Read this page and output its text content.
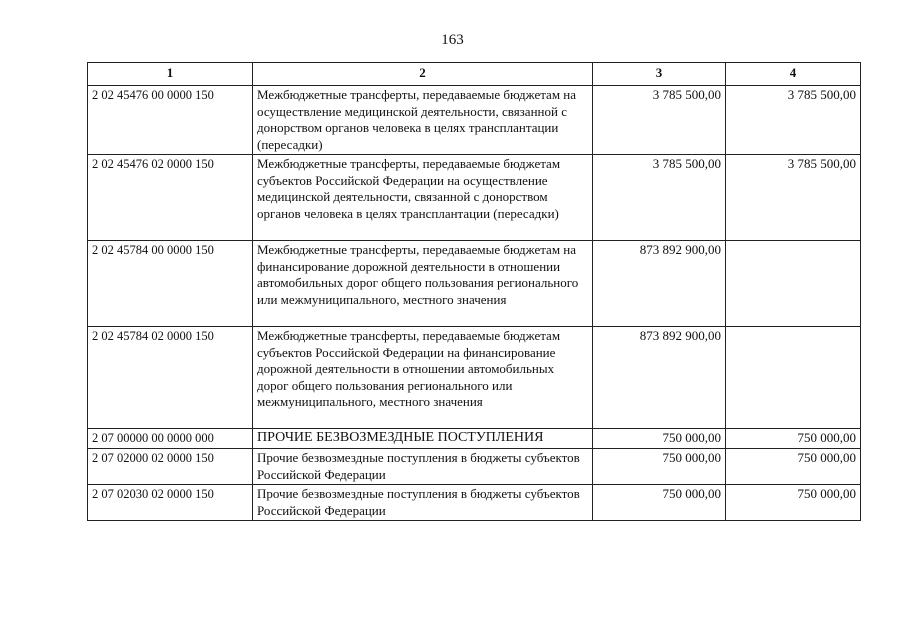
163
1	2	3	4
2 02 45476 00 0000 150	Межбюджетные трансферты, передаваемые бюджетам на осуществление медицинской деятельности, связанной с донорством органов человека в целях трансплантации (пересадки)	3 785 500,00	3 785 500,00
2 02 45476 02 0000 150	Межбюджетные трансферты, передаваемые бюджетам субъектов Российской Федерации на осуществление медицинской деятельности, связанной с донорством органов человека в целях трансплантации (пересадки)	3 785 500,00	3 785 500,00
2 02 45784 00 0000 150	Межбюджетные трансферты, передаваемые бюджетам на финансирование дорожной деятельности в отношении автомобильных дорог общего пользования регионального или межмуниципального, местного значения	873 892 900,00	
2 02 45784 02 0000 150	Межбюджетные трансферты, передаваемые бюджетам субъектов Российской Федерации на финансирование дорожной деятельности в отношении автомобильных дорог общего пользования регионального или межмуниципального, местного значения	873 892 900,00	
2 07 00000 00 0000 000	ПРОЧИЕ БЕЗВОЗМЕЗДНЫЕ ПОСТУПЛЕНИЯ	750 000,00	750 000,00
2 07 02000 02 0000 150	Прочие безвозмездные поступления в бюджеты субъектов Российской Федерации	750 000,00	750 000,00
2 07 02030 02 0000 150	Прочие безвозмездные поступления в бюджеты субъектов Российской Федерации	750 000,00	750 000,00
